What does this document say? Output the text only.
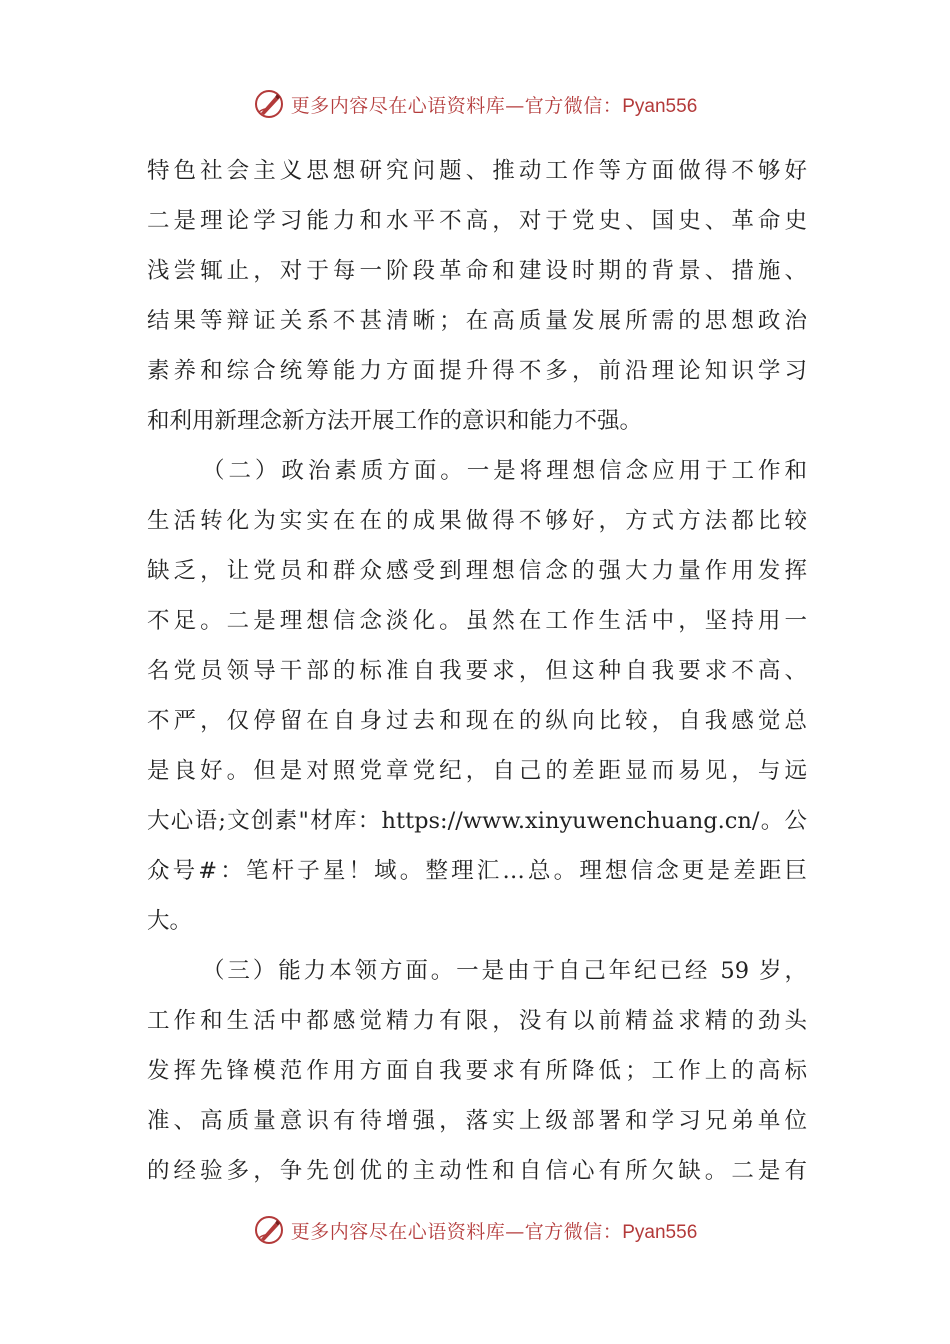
更多内容尽在心语资料库—官方微信：Pyan556
特色社会主义思想研究问题、推动工作等方面做得不够好
二是理论学习能力和水平不高，对于党史、国史、革命史
浅尝辄止，对于每一阶段革命和建设时期的背景、措施、
结果等辩证关系不甚清晰；在高质量发展所需的思想政治
素养和综合统筹能力方面提升得不多，前沿理论知识学习
和利用新理念新方法开展工作的意识和能力不强。
（二）政治素质方面。一是将理想信念应用于工作和
生活转化为实实在在的成果做得不够好，方式方法都比较
缺乏，让党员和群众感受到理想信念的强大力量作用发挥
不足。二是理想信念淡化。虽然在工作生活中，坚持用一
名党员领导干部的标准自我要求，但这种自我要求不高、
不严，仅停留在自身过去和现在的纵向比较，自我感觉总
是良好。但是对照党章党纪，自己的差距显而易见，与远
大心语;文创素"材库：https://www.xinyuwenchuang.cn/。公
众号#：笔杆子星！域。整理汇…总。理想信念更是差距巨
大。
（三）能力本领方面。一是由于自己年纪已经 59 岁，
工作和生活中都感觉精力有限，没有以前精益求精的劲头
发挥先锋模范作用方面自我要求有所降低；工作上的高标
准、高质量意识有待增强，落实上级部署和学习兄弟单位
的经验多，争先创优的主动性和自信心有所欠缺。二是有
更多内容尽在心语资料库—官方微信：Pyan556
